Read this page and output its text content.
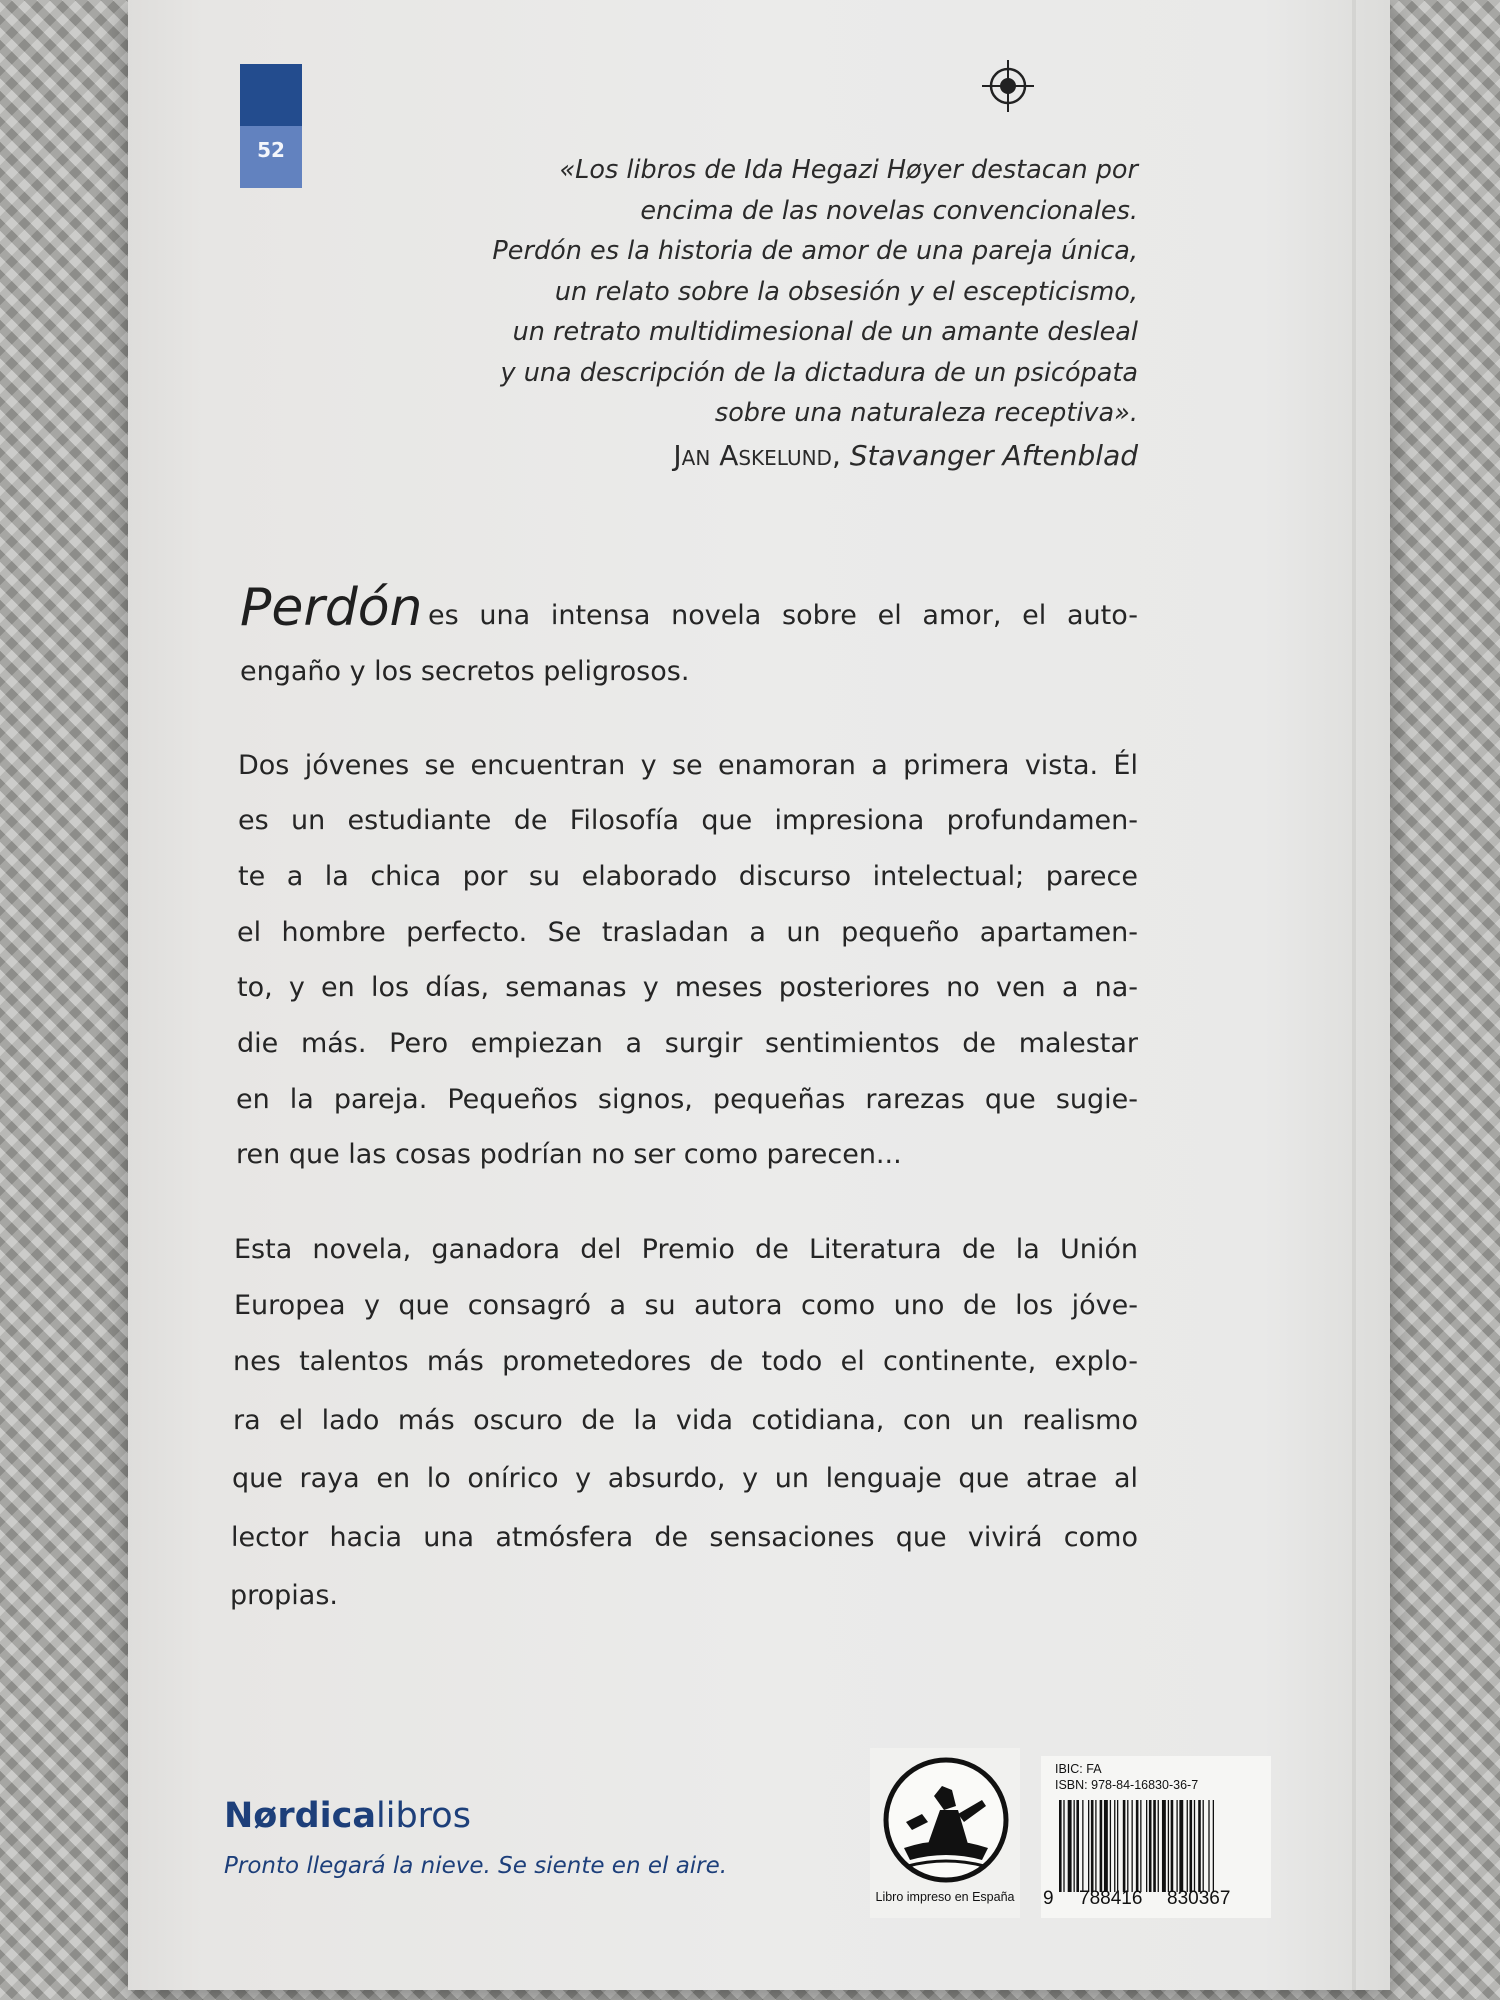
52
«Los libros de Ida Hegazi Høyer destacan por
encima de las novelas convencionales.
Perdón es la historia de amor de una pareja única,
un relato sobre la obsesión y el escepticismo,
un retrato multidimesional de un amante desleal
y una descripción de la dictadura de un psicópata
sobre una naturaleza receptiva».
Jan Askelund, Stavanger Aftenblad
Perdón es una intensa novela sobre el amor, el auto-
engaño y los secretos peligrosos.
Dos jóvenes se encuentran y se enamoran a primera vista. Él
es un estudiante de Filosofía que impresiona profundamen-
te a la chica por su elaborado discurso intelectual; parece
el hombre perfecto. Se trasladan a un pequeño apartamen-
to, y en los días, semanas y meses posteriores no ven a na-
die más. Pero empiezan a surgir sentimientos de malestar
en la pareja. Pequeños signos, pequeñas rarezas que sugie-
ren que las cosas podrían no ser como parecen...
Esta novela, ganadora del Premio de Literatura de la Unión
Europea y que consagró a su autora como uno de los jóve-
nes talentos más prometedores de todo el continente, explo-
ra el lado más oscuro de la vida cotidiana, con un realismo
que raya en lo onírico y absurdo, y un lenguaje que atrae al
lector hacia una atmósfera de sensaciones que vivirá como
propias.
Nørdicalibros
Pronto llegará la nieve. Se siente en el aire.
Libro impreso en España
IBIC: FA
ISBN: 978-84-16830-36-7
9 788416 830367
